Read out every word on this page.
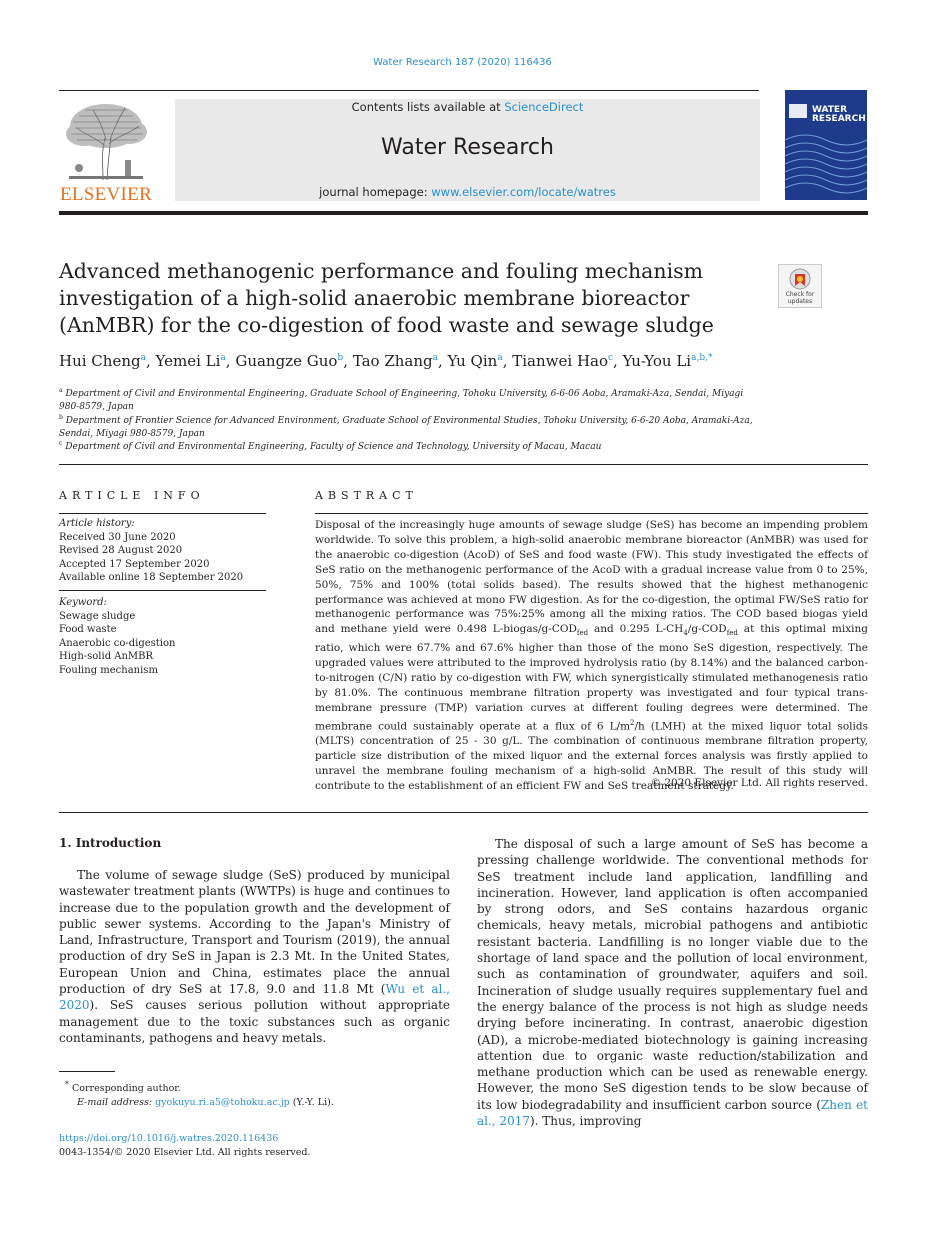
Water Research 187 (2020) 116436
ELSEVIER
Contents lists available at ScienceDirect
Water Research
journal homepage: www.elsevier.com/locate/watres
WATER
RESEARCH
Advanced methanogenic performance and fouling mechanism investigation of a high-solid anaerobic membrane bioreactor (AnMBR) for the co-digestion of food waste and sewage sludge
Check for
updates
Hui Cheng$^a$, Yemei Li$^a$, Guangze Guo$^b$, Tao Zhang$^a$, Yu Qin$^a$, Tianwei Hao$^c$, Yu-You $Li^{a,b,*}$
$^a$ Department of Civil and Environmental Engineering, Graduate School of Engineering, Tohoku University, 6-6-06 Aoba, Aramaki-Aza, Sendai, Miyagi 980-8579, Japan
$^b$ Department of Frontier Science for Advanced Environment, Graduate School of Environmental Studies, Tohoku University, 6-6-20 Aoba, Aramaki-Aza, Sendai, Miyagi 980-8579, Japan
$^c$ Department of Civil and Environmental Engineering, Faculty of Science and Technology, University of Macau, Macau
ARTICLE INFO
Article history:
Received 30 June 2020
Revised 28 August 2020
Accepted 17 September 2020
Available online 18 September 2020
Keyword:
Sewage sludge
Food waste
Anaerobic co-digestion
High-solid AnMBR
Fouling mechanism
ABSTRACT
Disposal of the increasingly huge amounts of sewage sludge (SeS) has become an impending problem worldwide. To solve this problem, a high-solid anaerobic membrane bioreactor (AnMBR) was used for the anaerobic co-digestion (AcoD) of SeS and food waste (FW). This study investigated the effects of SeS ratio on the methanogenic performance of the AcoD with a gradual increase value from 0 to 25%, 50%, 75% and 100% (total solids based). The results showed that the highest methanogenic performance was achieved at mono FW digestion. As for the co-digestion, the optimal FW/SeS ratio for methanogenic performance was 75%:25% among all the mixing ratios. The COD based biogas yield and methane yield were 0.498 $L-biogas/g-COD_{fed}$ and 0.295 $L-CH_4/g-COD_{fed}$ at this optimal mixing ratio, which were 67.7% and 67.6% higher than those of the mono SeS digestion, respectively. The upgraded values were attributed to the improved hydrolysis ratio (by 8.14%) and the balanced carbon-to-nitrogen (C/N) ratio by co-digestion with FW, which synergistically stimulated methanogenesis ratio by 81.0%. The continuous membrane filtration property was investigated and four typical trans-membrane pressure (TMP) variation curves at different fouling degrees were determined. The membrane could sustainably operate at a flux of 6 $L/m^2/h$ (LMH) at the mixed liquor total solids (MLTS) concentration of 25 - 30 g/L. The combination of continuous membrane filtration property, particle size distribution of the mixed liquor and the external forces analysis was firstly applied to unravel the membrane fouling mechanism of a high-solid AnMBR. The result of this study will contribute to the establishment of an efficient FW and SeS treatment strategy.
© 2020 Elsevier Ltd. All rights reserved.
1. Introduction
The volume of sewage sludge (SeS) produced by municipal wastewater treatment plants (WWTPs) is huge and continues to increase due to the population growth and the development of public sewer systems. According to the Japan's Ministry of Land, Infrastructure, Transport and Tourism (2019), the annual production of dry SeS in Japan is 2.3 Mt. In the United States, European Union and China, estimates place the annual production of dry SeS at 17.8, 9.0 and 11.8 Mt (Wu et al., 2020). SeS causes serious pollution without appropriate management due to the toxic substances such as organic contaminants, pathogens and heavy metals.
The disposal of such a large amount of SeS has become a pressing challenge worldwide. The conventional methods for SeS treatment include land application, landfilling and incineration. However, land application is often accompanied by strong odors, and SeS contains hazardous organic chemicals, heavy metals, microbial pathogens and antibiotic resistant bacteria. Landfilling is no longer viable due to the shortage of land space and the pollution of local environment, such as contamination of groundwater, aquifers and soil. Incineration of sludge usually requires supplementary fuel and the energy balance of the process is not high as sludge needs drying before incinerating. In contrast, anaerobic digestion (AD), a microbe-mediated biotechnology is gaining increasing attention due to organic waste reduction/stabilization and methane production which can be used as renewable energy. However, the mono SeS digestion tends to be slow because of its low biodegradability and insufficient carbon source (Zhen et al., 2017). Thus, improving
* Corresponding author.
E-mail address: gyokuyu.ri.a5@tohoku.ac.jp (Y.-Y. Li).
https://doi.org/10.1016/j.watres.2020.116436
0043-1354/© 2020 Elsevier Ltd. All rights reserved.
